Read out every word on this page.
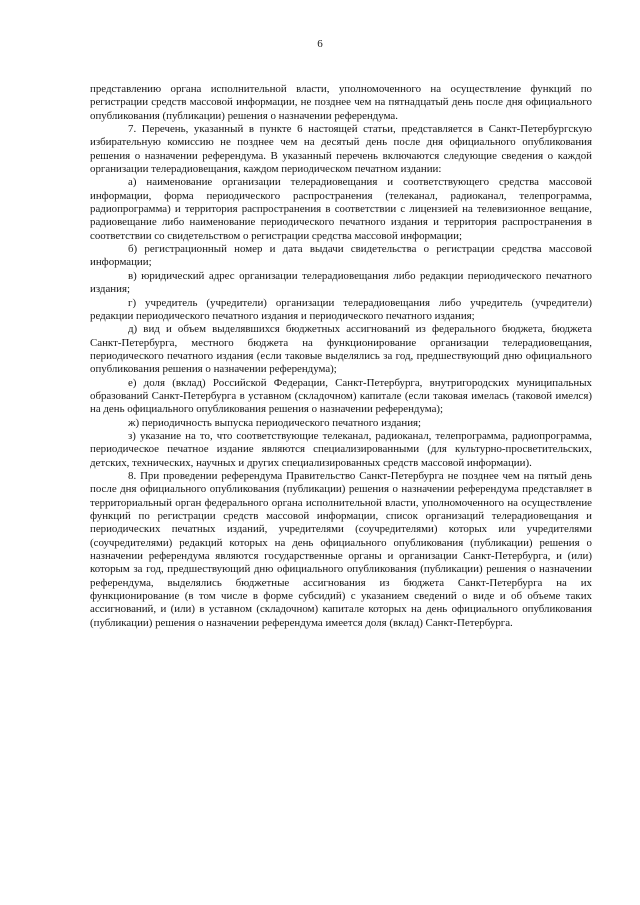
6

представлению органа исполнительной власти, уполномоченного на осуществление функций по регистрации средств массовой информации, не позднее чем на пятнадцатый день после дня официального опубликования (публикации) решения о назначении референдума.

7. Перечень, указанный в пункте 6 настоящей статьи, представляется в Санкт-Петербургскую избирательную комиссию не позднее чем на десятый день после дня официального опубликования решения о назначении референдума. В указанный перечень включаются следующие сведения о каждой организации телерадиовещания, каждом периодическом печатном издании:

а) наименование организации телерадиовещания и соответствующего средства массовой информации, форма периодического распространения (телеканал, радиоканал, телепрограмма, радиопрограмма) и территория распространения в соответствии с лицензией на телевизионное вещание, радиовещание либо наименование периодического печатного издания и территория распространения в соответствии со свидетельством о регистрации средства массовой информации;

б) регистрационный номер и дата выдачи свидетельства о регистрации средства массовой информации;

в) юридический адрес организации телерадиовещания либо редакции периодического печатного издания;

г) учредитель (учредители) организации телерадиовещания либо учредитель (учредители) редакции периодического печатного издания и периодического печатного издания;

д) вид и объем выделявшихся бюджетных ассигнований из федерального бюджета, бюджета Санкт-Петербурга, местного бюджета на функционирование организации телерадиовещания, периодического печатного издания (если таковые выделялись за год, предшествующий дню официального опубликования решения о назначении референдума);

е) доля (вклад) Российской Федерации, Санкт-Петербурга, внутригородских муниципальных образований Санкт-Петербурга в уставном (складочном) капитале (если таковая имелась (таковой имелся) на день официального опубликования решения о назначении референдума);

ж) периодичность выпуска периодического печатного издания;

з) указание на то, что соответствующие телеканал, радиоканал, телепрограмма, радиопрограмма, периодическое печатное издание являются специализированными (для культурно-просветительских, детских, технических, научных и других специализированных средств массовой информации).

8. При проведении референдума Правительство Санкт-Петербурга не позднее чем на пятый день после дня официального опубликования (публикации) решения о назначении референдума представляет в территориальный орган федерального органа исполнительной власти, уполномоченного на осуществление функций по регистрации средств массовой информации, список организаций телерадиовещания и периодических печатных изданий, учредителями (соучредителями) которых или учредителями (соучредителями) редакций которых на день официального опубликования (публикации) решения о назначении референдума являются государственные органы и организации Санкт-Петербурга, и (или) которым за год, предшествующий дню официального опубликования (публикации) решения о назначении референдума, выделялись бюджетные ассигнования из бюджета Санкт-Петербурга на их функционирование (в том числе в форме субсидий) с указанием сведений о виде и об объеме таких ассигнований, и (или) в уставном (складочном) капитале которых на день официального опубликования (публикации) решения о назначении референдума имеется доля (вклад) Санкт-Петербурга.
